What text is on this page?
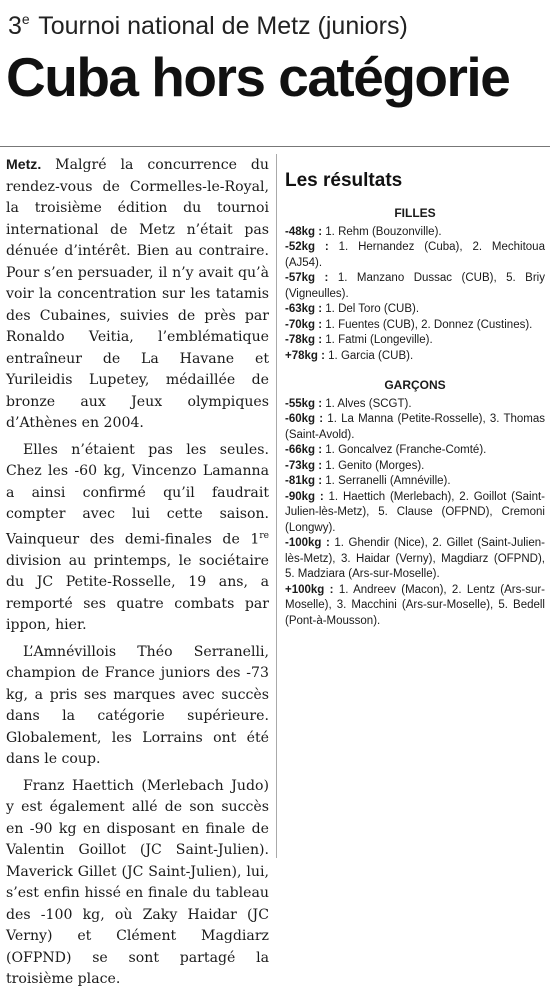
3e Tournoi national de Metz (juniors)
Cuba hors catégorie

Metz. Malgré la concurrence du rendez-vous de Cormelles-le-Royal, la troisième édition du tournoi international de Metz n’était pas dénuée d’intérêt. Bien au contraire. Pour s’en persuader, il n’y avait qu’à voir la concentration sur les tatamis des Cubaines, suivies de près par Ronaldo Veitia, l’emblématique entraîneur de La Havane et Yurileidis Lupetey, médaillée de bronze aux Jeux olympiques d’Athènes en 2004.

Elles n’étaient pas les seules. Chez les -60 kg, Vincenzo Lamanna a ainsi confirmé qu’il faudrait compter avec lui cette saison. Vainqueur des demi-finales de 1re division au printemps, le sociétaire du JC Petite-Rosselle, 19 ans, a remporté ses quatre combats par ippon, hier.

L’Amnévillois Théo Serranelli, champion de France juniors des -73 kg, a pris ses marques avec succès dans la catégorie supérieure. Globalement, les Lorrains ont été dans le coup.

Franz Haettich (Merlebach Judo) y est également allé de son succès en -90 kg en disposant en finale de Valentin Goillot (JC Saint-Julien). Maverick Gillet (JC Saint-Julien), lui, s’est enfin hissé en finale du tableau des -100 kg, où Zaky Haidar (JC Verny) et Clément Magdiarz (OFPND) se sont partagé la troisième place.

Les résultats
FILLES
-48kg : 1. Rehm (Bouzonville).
-52kg : 1. Hernandez (Cuba), 2. Mechitoua (AJ54).
-57kg : 1. Manzano Dussac (CUB), 5. Briy (Vigneulles).
-63kg : 1. Del Toro (CUB).
-70kg : 1. Fuentes (CUB), 2. Donnez (Custines).
-78kg : 1. Fatmi (Longeville).
+78kg : 1. Garcia (CUB).
GARÇONS
-55kg : 1. Alves (SCGT).
-60kg : 1. La Manna (Petite-Rosselle), 3. Thomas (Saint-Avold).
-66kg : 1. Goncalvez (Franche-Comté).
-73kg : 1. Genito (Morges).
-81kg : 1. Serranelli (Amnéville).
-90kg : 1. Haettich (Merlebach), 2. Goillot (Saint-Julien-lès-Metz), 5. Clause (OFPND), Cremoni (Longwy).
-100kg : 1. Ghendir (Nice), 2. Gillet (Saint-Julien-lès-Metz), 3. Haidar (Verny), Magdiarz (OFPND), 5. Madziara (Ars-sur-Moselle).
+100kg : 1. Andreev (Macon), 2. Lentz (Ars-sur-Moselle), 3. Macchini (Ars-sur-Moselle), 5. Bedell (Pont-à-Mousson).
